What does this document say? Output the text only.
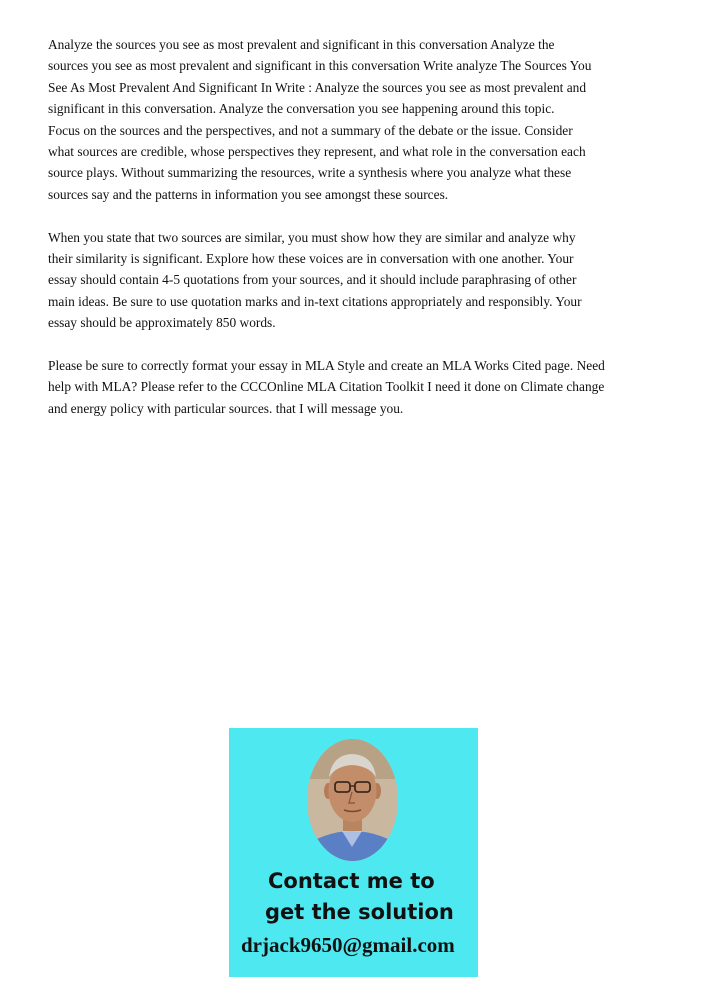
Analyze the sources you see as most prevalent and significant in this conversation Analyze the
sources you see as most prevalent and significant in this conversation Write analyze The Sources You
See As Most Prevalent And Significant In Write : Analyze the sources you see as most prevalent and
significant in this conversation. Analyze the conversation you see happening around this topic.
Focus on the sources and the perspectives, and not a summary of the debate or the issue. Consider
what sources are credible, whose perspectives they represent, and what role in the conversation each
source plays. Without summarizing the resources, write a synthesis where you analyze what these
sources say and the patterns in information you see amongst these sources.
When you state that two sources are similar, you must show how they are similar and analyze why
their similarity is significant. Explore how these voices are in conversation with one another. Your
essay should contain 4-5 quotations from your sources, and it should include paraphrasing of other
main ideas. Be sure to use quotation marks and in-text citations appropriately and responsibly. Your
essay should be approximately 850 words.
Please be sure to correctly format your essay in MLA Style and create an MLA Works Cited page. Need
help with MLA? Please refer to the CCCOnline MLA Citation Toolkit I need it done on Climate change
and energy policy with particular sources. that I will message you.
Contact me to
get the solution
drjack9650@gmail.com
